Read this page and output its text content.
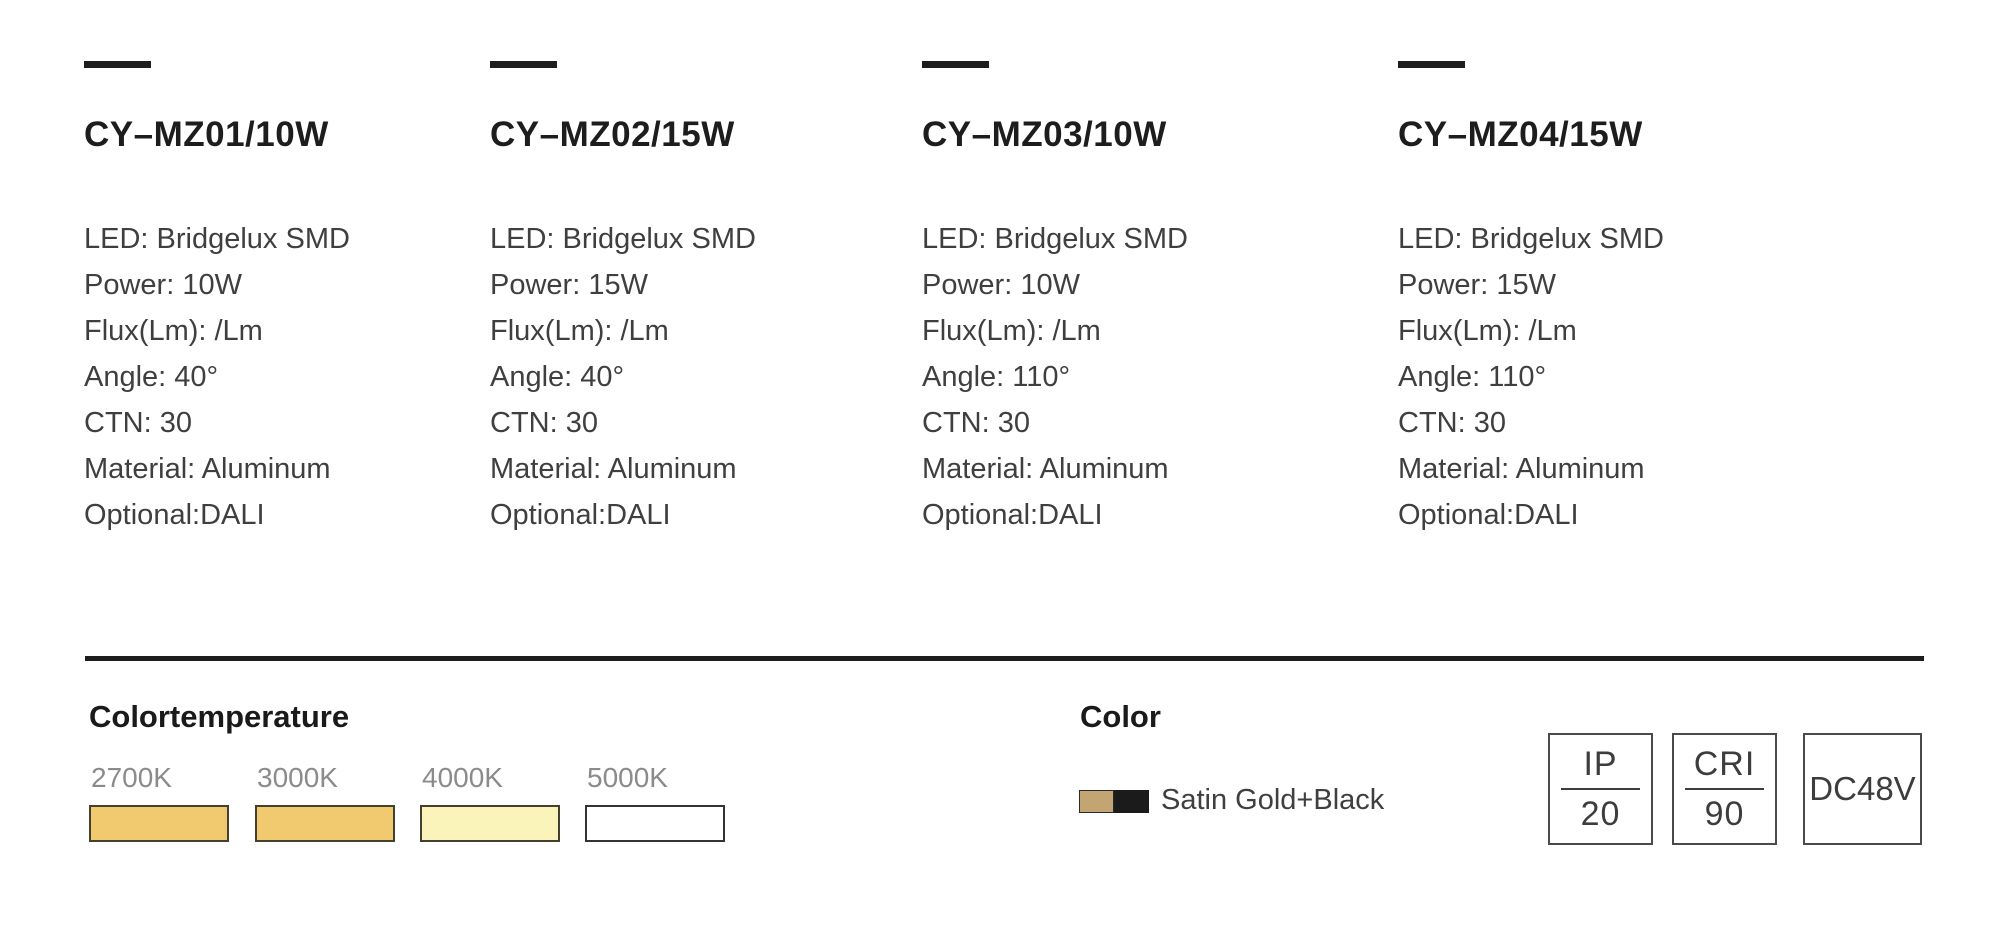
CY–MZ01/10W
LED: Bridgelux SMD
Power: 10W
Flux(Lm): /Lm
Angle: 40°
CTN: 30
Material: Aluminum
Optional:DALI
CY–MZ02/15W
LED: Bridgelux SMD
Power: 15W
Flux(Lm): /Lm
Angle: 40°
CTN: 30
Material: Aluminum
Optional:DALI
CY–MZ03/10W
LED: Bridgelux SMD
Power: 10W
Flux(Lm): /Lm
Angle: 110°
CTN: 30
Material: Aluminum
Optional:DALI
CY–MZ04/15W
LED: Bridgelux SMD
Power: 15W
Flux(Lm): /Lm
Angle: 110°
CTN: 30
Material: Aluminum
Optional:DALI
Colortemperature
2700K	3000K	4000K	5000K
Color
Satin Gold+Black
IP
20
CRI
90
DC48V
